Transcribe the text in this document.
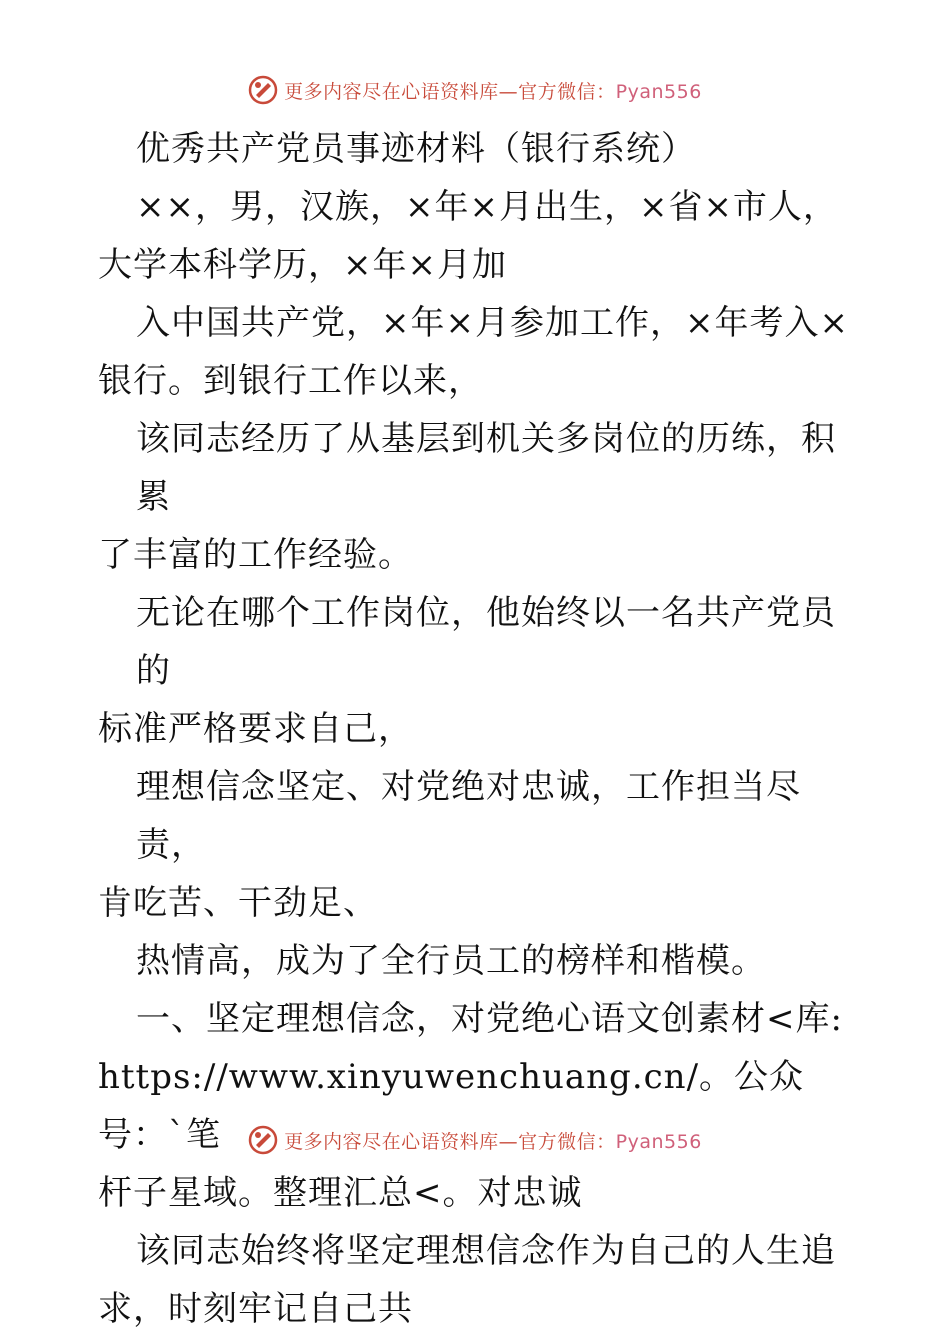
更多内容尽在心语资料库—官方微信：Pyan556

优秀共产党员事迹材料（银行系统）

××，男，汉族，×年×月出生，×省×市人，

大学本科学历，×年×月加

入中国共产党，×年×月参加工作，×年考入×

银行。到银行工作以来，

该同志经历了从基层到机关多岗位的历练，积累

了丰富的工作经验。

无论在哪个工作岗位，他始终以一名共产党员的

标准严格要求自己，

理想信念坚定、对党绝对忠诚，工作担当尽责，

肯吃苦、干劲足、

热情高，成为了全行员工的榜样和楷模。

一、坚定理想信念，对党绝心语文创素材<库:

https://www.xinyuwenchuang.cn/。公众号：`笔

杆子星域。整理汇总<。对忠诚

该同志始终将坚定理想信念作为自己的人生追

求，时刻牢记自己共

更多内容尽在心语资料库—官方微信：Pyan556
